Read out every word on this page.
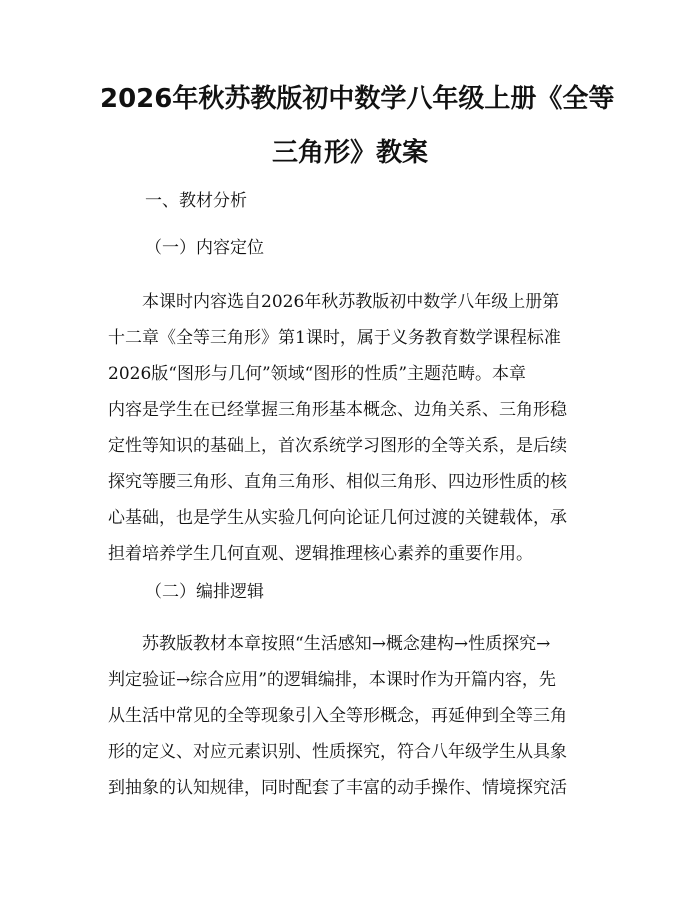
2026年秋苏教版初中数学八年级上册《全等
三角形》教案
一、教材分析
（一）内容定位
本课时内容选自2026年秋苏教版初中数学八年级上册第
十二章《全等三角形》第1课时，属于义务教育数学课程标准
2026版“图形与几何”领域“图形的性质”主题范畴。本章
内容是学生在已经掌握三角形基本概念、边角关系、三角形稳
定性等知识的基础上，首次系统学习图形的全等关系，是后续
探究等腰三角形、直角三角形、相似三角形、四边形性质的核
心基础，也是学生从实验几何向论证几何过渡的关键载体，承
担着培养学生几何直观、逻辑推理核心素养的重要作用。
（二）编排逻辑
苏教版教材本章按照“生活感知→概念建构→性质探究→
判定验证→综合应用”的逻辑编排，本课时作为开篇内容，先
从生活中常见的全等现象引入全等形概念，再延伸到全等三角
形的定义、对应元素识别、性质探究，符合八年级学生从具象
到抽象的认知规律，同时配套了丰富的动手操作、情境探究活
